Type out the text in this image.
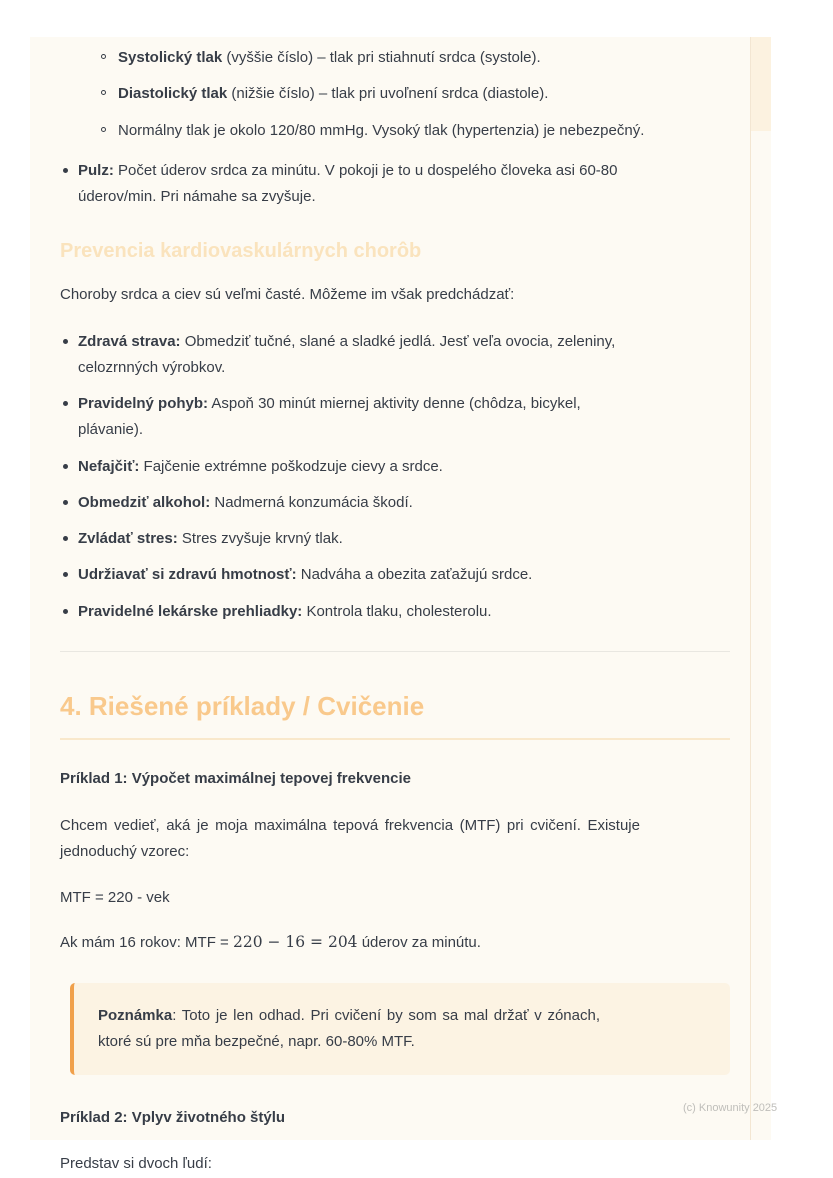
Systolický tlak (vyššie číslo) – tlak pri stiahnutí srdca (systole).
Diastolický tlak (nižšie číslo) – tlak pri uvoľnení srdca (diastole).
Normálny tlak je okolo 120/80 mmHg. Vysoký tlak (hypertenzia) je nebezpečný.
Pulz: Počet úderov srdca za minútu. V pokoji je to u dospelého človeka asi 60-80 úderov/min. Pri námahe sa zvyšuje.
Prevencia kardiovaskulárnych chorôb

Choroby srdca a ciev sú veľmi časté. Môžeme im však predchádzať:

Zdravá strava: Obmedziť tučné, slané a sladké jedlá. Jesť veľa ovocia, zeleniny, celozrnných výrobkov.
Pravidelný pohyb: Aspoň 30 minút miernej aktivity denne (chôdza, bicykel, plávanie).
Nefajčiť: Fajčenie extrémne poškodzuje cievy a srdce.
Obmedziť alkohol: Nadmerná konzumácia škodí.
Zvládať stres: Stres zvyšuje krvný tlak.
Udržiavať si zdravú hmotnosť: Nadváha a obezita zaťažujú srdce.
Pravidelné lekárske prehliadky: Kontrola tlaku, cholesterolu.
4. Riešené príklady / Cvičenie

Príklad 1: Výpočet maximálnej tepovej frekvencie

Chcem vedieť, aká je moja maximálna tepová frekvencia (MTF) pri cvičení. Existuje jednoduchý vzorec:

MTF = 220 - vek

Ak mám 16 rokov: MTF = 220 − 16 = 204 úderov za minútu.

Poznámka: Toto je len odhad. Pri cvičení by som sa mal držať v zónach, ktoré sú pre mňa bezpečné, napr. 60-80% MTF.

Príklad 2: Vplyv životného štýlu

Predstav si dvoch ľudí:

(c) Knowunity 2025
